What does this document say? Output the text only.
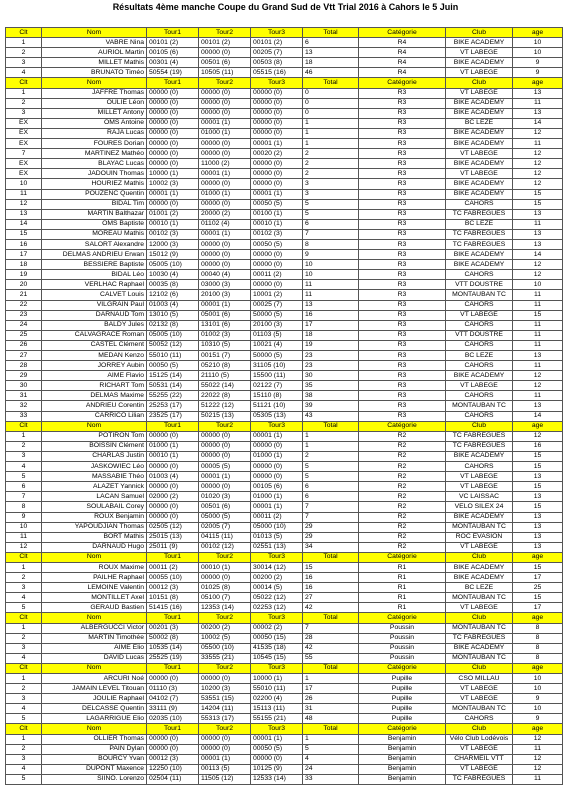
Résultats 4ème manche Coupe du Grand Sud de Vtt Trial 2016 à Cahors le 5 Juin
Clt	Nom	Tour1	Tour2	Tour3	Total	Catégorie	Club	age
1	VABRE Nina	00101 (2)	00101 (2)	00101 (2)	6	R4	BIKE ACADEMY	10
2	AURIOL Martin	00105 (6)	00000 (0)	00205 (7)	13	R4	VT LABEGE	10
3	MILLET Mathis	00301 (4)	00501 (6)	00503 (8)	18	R4	BIKE ACADEMY	9
4	BRUNATO Timéo	50554 (19)	10505 (11)	05515 (16)	46	R4	VT LABEGE	9
Clt	Nom	Tour1	Tour2	Tour3	Total	Catégorie	Club	age
1	JAFFRE Thomas	00000 (0)	00000 (0)	00000 (0)	0	R3	VT LABEGE	13
2	OULIE Léon	00000 (0)	00000 (0)	00000 (0)	0	R3	BIKE ACADEMY	11
3	MILLET Antony	00000 (0)	00000 (0)	00000 (0)	0	R3	BIKE ACADEMY	13
EX	OMS Antoine	00000 (0)	00001 (1)	00000 (0)	1	R3	BC LEZE	14
EX	RAJA Lucas	00000 (0)	01000 (1)	00000 (0)	1	R3	BIKE ACADEMY	12
EX	FOURES Dorian	00000 (0)	00000 (0)	00001 (1)	1	R3	BIKE ACADEMY	11
7	MARTINEZ Mathéo	00000 (0)	00000 (0)	00020 (2)	2	R3	VT LABEGE	12
EX	BLAYAC Lucas	00000 (0)	11000 (2)	00000 (0)	2	R3	BIKE ACADEMY	12
EX	JADOUIN Thomas	10000 (1)	00001 (1)	00000 (0)	2	R3	VT LABEGE	12
10	HOURIEZ Mathis	10002 (3)	00000 (0)	00000 (0)	3	R3	BIKE ACADEMY	12
11	POUZENC Quentin	00001 (1)	01000 (1)	00001 (1)	3	R3	BIKE ACADEMY	15
12	BIDAL Tim	00000 (0)	00000 (0)	00050 (5)	5	R3	CAHORS	15
13	MARTIN Balthazar	01001 (2)	20000 (2)	00100 (1)	5	R3	TC FABREGUES	13
14	OMS Baptiste	00010 (1)	01102 (4)	00010 (1)	6	R3	BC LEZE	11
15	MOREAU Mathis	00102 (3)	00001 (1)	00102 (3)	7	R3	TC FABREGUES	13
16	SALORT Alexandre	12000 (3)	00000 (0)	00050 (5)	8	R3	TC FABREGUES	13
17	DELMAS ANDRIEU Erwan	15012 (9)	00000 (0)	00000 (0)	9	R3	BIKE ACADEMY	14
18	BESSIERE Baptiste	05005 (10)	00000 (0)	00000 (0)	10	R3	BIKE ACADEMY	12
19	BIDAL Léo	10030 (4)	00040 (4)	00011 (2)	10	R3	CAHORS	12
20	VERLHAC Raphael	00035 (8)	03000 (3)	00000 (0)	11	R3	VTT DOUSTRE	10
21	CALVET Louis	12102 (6)	20100 (3)	10001 (2)	11	R3	MONTAUBAN TC	11
22	VILGRAIN Paul	01003 (4)	00001 (1)	00025 (7)	13	R3	CAHORS	11
23	DARNAUD Tom	13010 (5)	05001 (6)	50000 (5)	16	R3	VT LABEGE	15
24	BALDY Jules	02132 (8)	13101 (6)	20100 (3)	17	R3	CAHORS	11
25	CALVAGRACE Roman	05005 (10)	01002 (3)	01103 (5)	18	R3	VTT DOUSTRE	11
26	CASTEL Clément	50052 (12)	10310 (5)	10021 (4)	19	R3	CAHORS	11
27	MEDAN Kenzo	55010 (11)	00151 (7)	50000 (5)	23	R3	BC LEZE	13
28	JORREY Aubin	00050 (5)	05210 (8)	31105 (10)	23	R3	CAHORS	11
29	AIME Flavio	15125 (14)	21110 (5)	15500 (11)	30	R3	BIKE ACADEMY	12
30	RICHART Tom	50531 (14)	55022 (14)	02122 (7)	35	R3	VT LABEGE	12
31	DELMAS Maxime	55255 (22)	22022 (8)	15110 (8)	38	R3	CAHORS	11
32	ANDRIEU Corentin	25253 (17)	51222 (12)	51121 (10)	39	R3	MONTAUBAN TC	13
33	CARRICO Lilian	23525 (17)	50215 (13)	05305 (13)	43	R3	CAHORS	14
Clt	Nom	Tour1	Tour2	Tour3	Total	Catégorie	Club	age
1	POTIRON Tom	00000 (0)	00000 (0)	00001 (1)	1	R2	TC FABREGUES	12
2	BOISSIN Clément	01000 (1)	00000 (0)	00000 (0)	1	R2	TC FABREGUES	16
3	CHARLAS Justin	00010 (1)	00000 (0)	01000 (1)	2	R2	BIKE ACADEMY	15
4	JASKOWIEC Léo	00000 (0)	00005 (5)	00000 (0)	5	R2	CAHORS	15
5	MASSABIE Théo	01003 (4)	00001 (1)	00000 (0)	5	R2	VT LABEGE	13
6	ALAZET Yannick	00000 (0)	00000 (0)	00105 (6)	6	R2	VT LABEGE	15
7	LACAN Samuel	02000 (2)	01020 (3)	01000 (1)	6	R2	VC LAISSAC	13
8	SOULABAIL Corey	00000 (0)	00501 (6)	00001 (1)	7	R2	VELO SILEX 24	15
9	ROUX Benjamin	00000 (0)	05000 (5)	00011 (2)	7	R2	BIKE ACADEMY	13
10	YAPOUDJIAN Thomas	02505 (12)	02005 (7)	05000 (10)	29	R2	MONTAUBAN TC	13
11	BORT Mathis	25015 (13)	04115 (11)	01013 (5)	29	R2	ROC EVASION	13
12	DARNAUD Hugo	25011 (9)	00102 (12)	02551 (13)	34	R2	VT LABEGE	13
Clt	Nom	Tour1	Tour2	Tour3	Total	Catégorie	Club	age
1	ROUX Maxime	00011 (2)	00010 (1)	30014 (12)	15	R1	BIKE ACADEMY	15
2	PAILHE Raphael	00055 (10)	00000 (0)	00200 (2)	16	R1	BIKE ACADEMY	17
3	LEMOINE Valentin	00012 (3)	01025 (8)	00014 (5)	16	R1	BC LEZE	25
4	MONTILLET Axel	10151 (8)	05100 (7)	05022 (12)	27	R1	MONTAUBAN TC	15
5	GERAUD Bastien	51415 (16)	12353 (14)	02253 (12)	42	R1	VT LABEGE	17
Clt	Nom	Tour1	Tour2	Tour3	Total	Catégorie	Club	age
1	ALBERGUCCI Victor	00201 (3)	00200 (2)	00002 (2)	7	Poussin	MONTAUBAN TC	8
2	MARTIN Timothée	50002 (8)	10002 (5)	00050 (15)	28	Poussin	TC FABREGUES	8
3	AIME Elio	10535 (14)	05500 (10)	41535 (18)	42	Poussin	BIKE ACADEMY	8
4	DAVID Lucas	25525 (19)	33555 (21)	10545 (15)	55	Poussin	MONTAUBAN TC	8
Clt	Nom	Tour1	Tour2	Tour3	Total	Catégorie	Club	age
1	ARCURI Noé	00000 (0)	00000 (0)	10000 (1)	1	Pupille	CSO MILLAU	10
2	JAMAIN LEVEL Titouan	01110 (3)	10200 (3)	55010 (11)	17	Pupille	VT LABEGE	10
3	JOULIE Raphael	04102 (7)	53551 (15)	02200 (4)	26	Pupille	VT LABEGE	9
4	DELCASSE Quentin	33111 (9)	14204 (11)	15113 (11)	31	Pupille	MONTAUBAN TC	10
5	LAGARRIGUE Elio	02035 (10)	55313 (17)	55155 (21)	48	Pupille	CAHORS	9
Clt	Nom	Tour1	Tour2	Tour3	Total	Catégorie	Club	age
1	OLLIER Thomas	00000 (0)	00000 (0)	00001 (1)	1	Benjamin	Vélo Club Lodévois	12
2	PAIN Dylan	00000 (0)	00000 (0)	00050 (5)	5	Benjamin	VT LABEGE	11
3	BOURCY Yvan	00012 (3)	00001 (1)	00000 (0)	4	Benjamin	CHARMEIL VTT	12
4	DUPONT Maxence	12250 (10)	00113 (5)	10125 (9)	24	Benjamin	VT LABEGE	12
5	SIINO. Lorenzo	02504 (11)	11505 (12)	12533 (14)	33	Benjamin	TC FABREGUES	11
